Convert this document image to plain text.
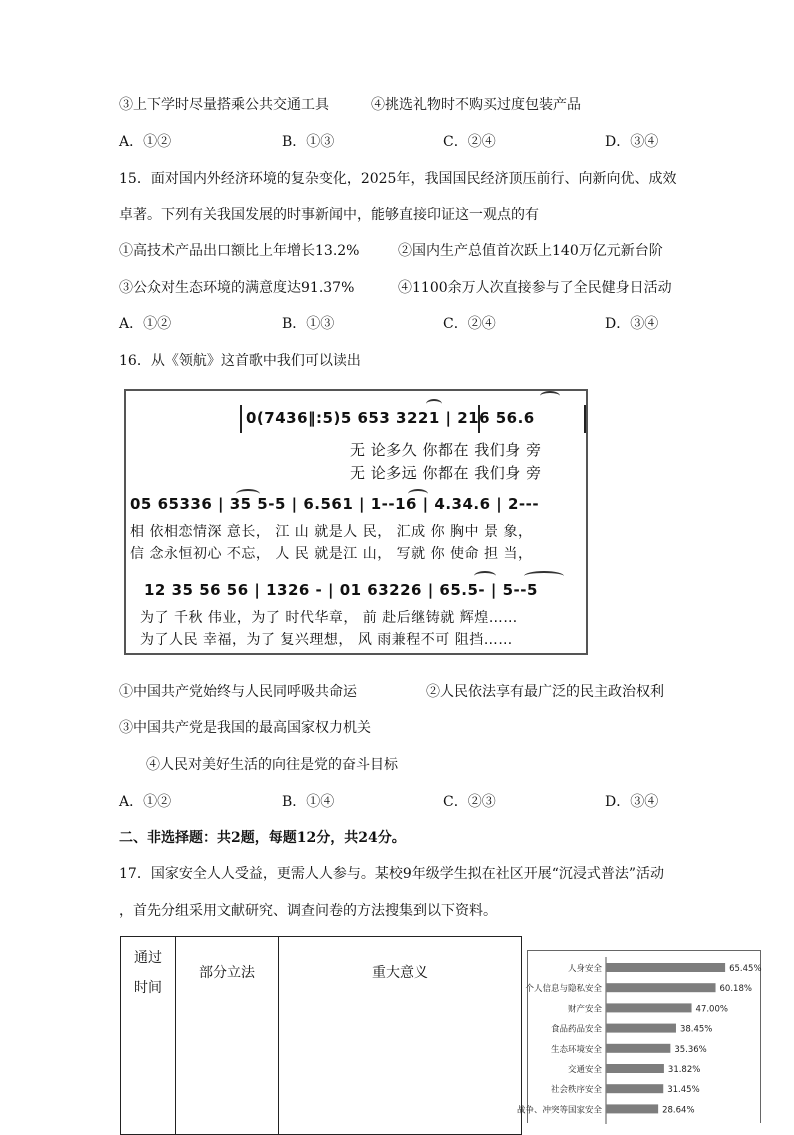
③上下学时尽量搭乘公共交通工具	④挑选礼物时不购买过度包装产品
A．①②	B．①③	C．②④	D．③④
15．面对国内外经济环境的复杂变化，2025年，我国国民经济顶压前行、向新向优、成效
卓著。下列有关我国发展的时事新闻中，能够直接印证这一观点的有
①高技术产品出口额比上年增长13.2%	②国内生产总值首次跃上140万亿元新台阶
③公众对生态环境的满意度达91.37%	④1100余万人次直接参与了全民健身日活动
A．①②	B．①③	C．②④	D．③④
16．从《领航》这首歌中我们可以读出
0(7436‖:5)5 653 3221 | 216 56.6
无 论多久 你都在 我们身 旁
无 论多远 你都在 我们身 旁
05 65336 | 35 5-5 | 6.561 | 1--16 | 4.34.6 | 2---
相 依相恋情深 意长， 江 山 就是人 民， 汇成 你 胸中 景 象，
信 念永恒初心 不忘， 人 民 就是江 山， 写就 你 使命 担 当，
12 35 56 56 | 1326 - | 01 63226 | 65.5- | 5--5
为了 千秋 伟业，为了 时代华章， 前 赴后继铸就 辉煌……
为了人民 幸福，为了 复兴理想， 风 雨兼程不可 阻挡……
①中国共产党始终与人民同呼吸共命运	②人民依法享有最广泛的民主政治权利
③中国共产党是我国的最高国家权力机关
④人民对美好生活的向往是党的奋斗目标
A．①②	B．①④	C．②③	D．③④
二、非选择题：共2题，每题12分，共24分。
17．国家安全人人受益，更需人人参与。某校9年级学生拟在社区开展“沉浸式普法”活动
，首先分组采用文献研究、调查问卷的方法搜集到以下资料。
通过
时间	部分立法	重大意义	人身安全	65.45%
个人信息与隐私安全	60.18%
财产安全	47.00%
食品药品安全	38.45%
生态环境安全	35.36%
交通安全	31.82%
社会秩序安全	31.45%
战争、冲突等国家安全	28.64%
